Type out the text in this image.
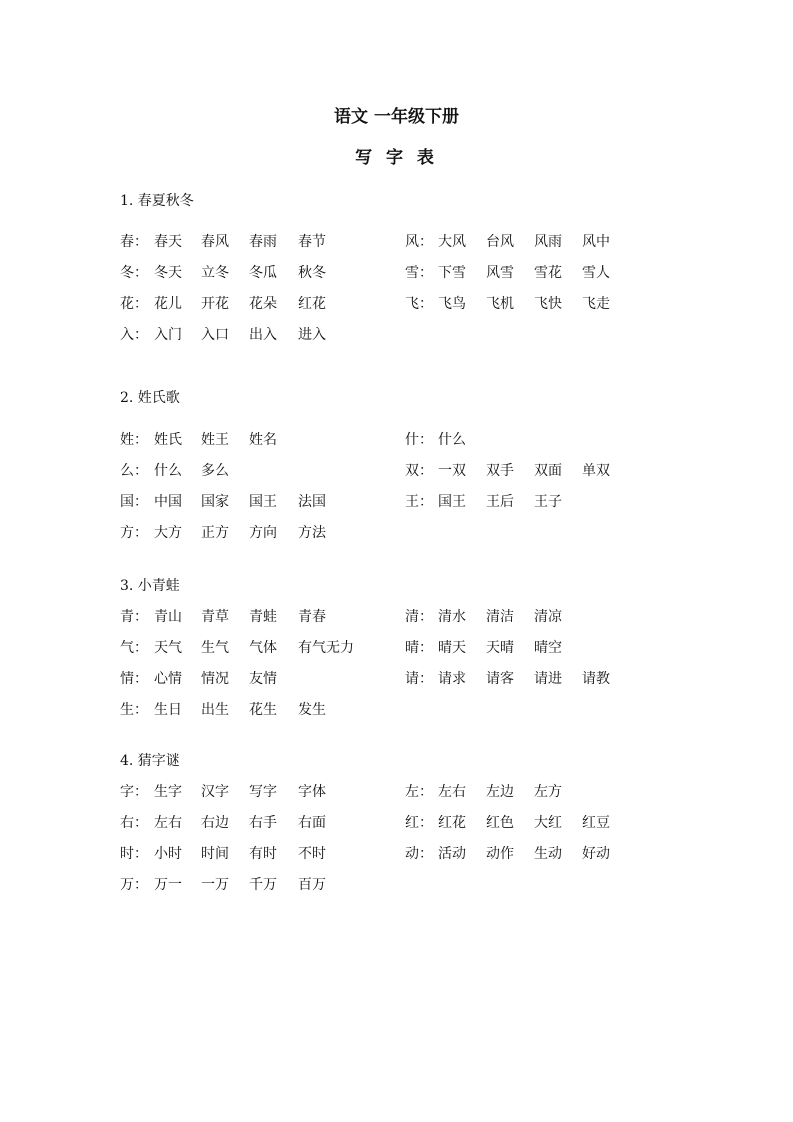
语文 一年级下册
写 字 表
1. 春夏秋冬
春： 春天 春风 春雨 春节	风： 大风 台风 风雨 风中
冬： 冬天 立冬 冬瓜 秋冬	雪： 下雪 风雪 雪花 雪人
花： 花儿 开花 花朵 红花	飞： 飞鸟 飞机 飞快 飞走
入： 入门 入口 出入 进入
2. 姓氏歌
姓： 姓氏 姓王 姓名	什： 什么
么： 什么 多么	双： 一双 双手 双面 单双
国： 中国 国家 国王 法国	王： 国王 王后 王子
方： 大方 正方 方向 方法
3. 小青蛙
青： 青山 青草 青蛙 青春	清： 清水 清洁 清凉
气： 天气 生气 气体 有气无力	晴： 晴天 天晴 晴空
情： 心情 情况 友情	请： 请求 请客 请进 请教
生： 生日 出生 花生 发生
4. 猜字谜
字： 生字 汉字 写字 字体	左： 左右 左边 左方
右： 左右 右边 右手 右面	红： 红花 红色 大红 红豆
时： 小时 时间 有时 不时	动： 活动 动作 生动 好动
万： 万一 一万 千万 百万
